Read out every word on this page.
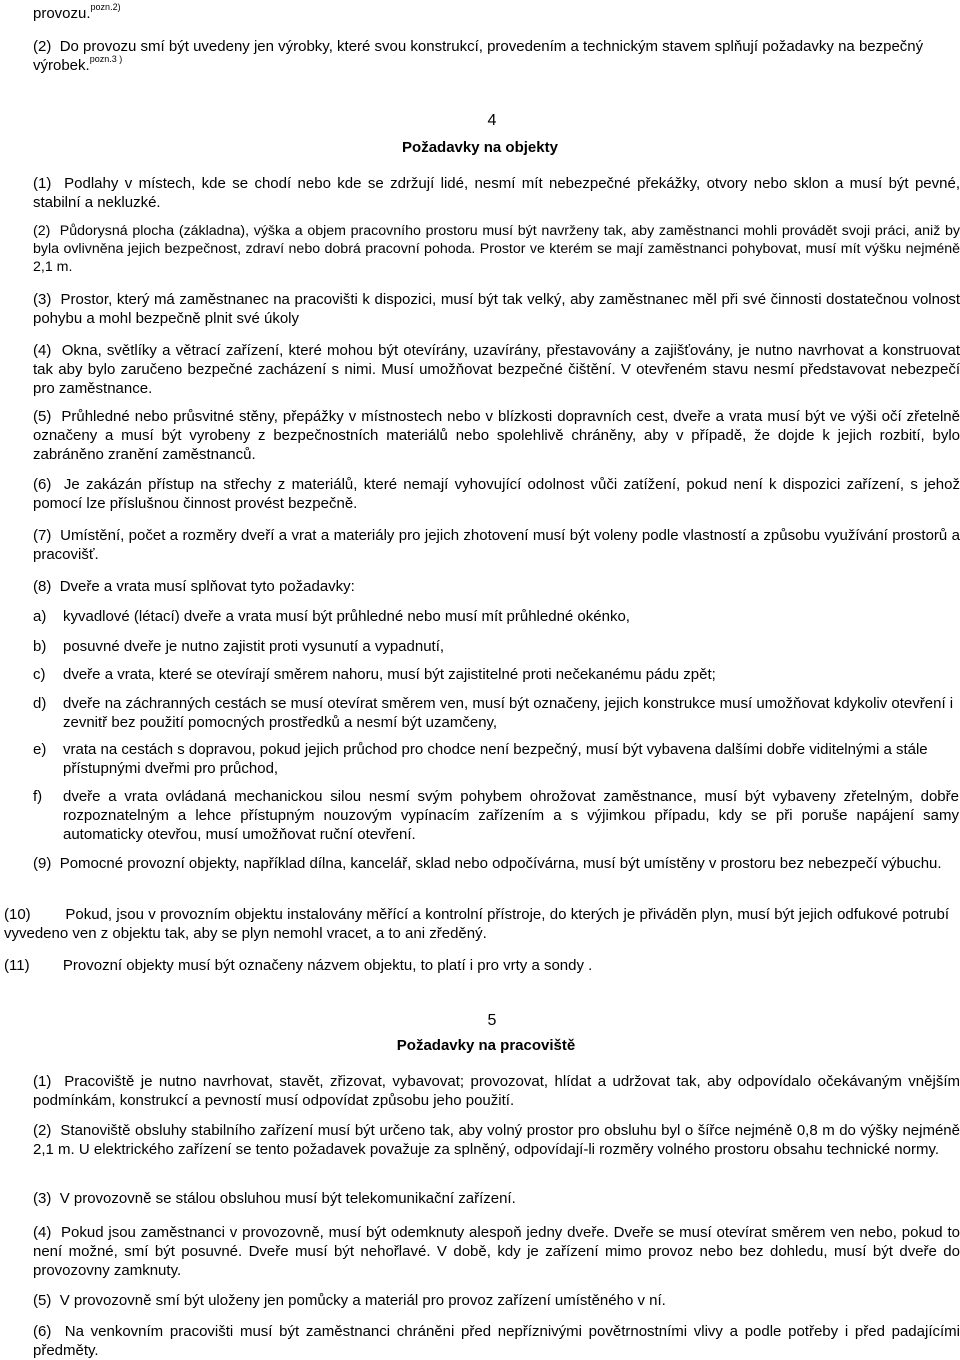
provozu.$^{pozn.2)}$
(2) Do provozu smí být uvedeny jen výrobky, které svou konstrukcí, provedením a technickým stavem splňují požadavky na bezpečný výrobek.$^{pozn.3 )}$
4
Požadavky na objekty
(1) Podlahy v místech, kde se chodí nebo kde se zdržují lidé, nesmí mít nebezpečné překážky, otvory nebo sklon a musí být pevné, stabilní a nekluzké.
(2) Půdorysná plocha (základna), výška a objem pracovního prostoru musí být navrženy tak, aby zaměstnanci mohli provádět svoji práci, aniž by byla ovlivněna jejich bezpečnost, zdraví nebo dobrá pracovní pohoda. Prostor ve kterém se mají zaměstnanci pohybovat, musí mít výšku nejméně 2,1 m.
(3) Prostor, který má zaměstnanec na pracovišti k dispozici, musí být tak velký, aby zaměstnanec měl při své činnosti dostatečnou volnost pohybu a mohl bezpečně plnit své úkoly
(4) Okna, světlíky a větrací zařízení, které mohou být otevírány, uzavírány, přestavovány a zajišťovány, je nutno navrhovat a konstruovat tak aby bylo zaručeno bezpečné zacházení s nimi. Musí umožňovat bezpečné čištění. V otevřeném stavu nesmí představovat nebezpečí pro zaměstnance.
(5) Průhledné nebo průsvitné stěny, přepážky v místnostech nebo v blízkosti dopravních cest, dveře a vrata musí být ve výši očí zřetelně označeny a musí být vyrobeny z bezpečnostních materiálů nebo spolehlivě chráněny, aby v případě, že dojde k jejich rozbití, bylo zabráněno zranění zaměstnanců.
(6) Je zakázán přístup na střechy z materiálů, které nemají vyhovující odolnost vůči zatížení, pokud není k dispozici zařízení, s jehož pomocí lze příslušnou činnost provést bezpečně.
(7) Umístění, počet a rozměry dveří a vrat a materiály pro jejich zhotovení musí být voleny podle vlastností a způsobu využívání prostorů a pracovišť.
(8) Dveře a vrata musí splňovat tyto požadavky:
a) kyvadlové (létací) dveře a vrata musí být průhledné nebo musí mít průhledné okénko,
b) posuvné dveře je nutno zajistit proti vysunutí a vypadnutí,
c) dveře a vrata, které se otevírají směrem nahoru, musí být zajistitelné proti nečekanému pádu zpět;
d) dveře na záchranných cestách se musí otevírat směrem ven, musí být označeny, jejich konstrukce musí umožňovat kdykoliv otevření i zevnitř bez použití pomocných prostředků a nesmí být uzamčeny,
e) vrata na cestách s dopravou, pokud jejich průchod pro chodce není bezpečný, musí být vybavena dalšími dobře viditelnými a stále přístupnými dveřmi pro průchod,
f) dveře a vrata ovládaná mechanickou silou nesmí svým pohybem ohrožovat zaměstnance, musí být vybaveny zřetelným, dobře rozpoznatelným a lehce přístupným nouzovým vypínacím zařízením a s výjimkou případu, kdy se při poruše napájení samy automaticky otevřou, musí umožňovat ruční otevření.
(9) Pomocné provozní objekty, například dílna, kancelář, sklad nebo odpočívárna, musí být umístěny v prostoru bez nebezpečí výbuchu.
(10) Pokud, jsou v provozním objektu instalovány měřící a kontrolní přístroje, do kterých je přiváděn plyn, musí být jejich odfukové potrubí vyvedeno ven z objektu tak, aby se plyn nemohl vracet, a to ani zředěný.
(11) Provozní objekty musí být označeny názvem objektu, to platí i pro vrty a sondy .
5
Požadavky na pracoviště
(1) Pracoviště je nutno navrhovat, stavět, zřizovat, vybavovat; provozovat, hlídat a udržovat tak, aby odpovídalo očekávaným vnějším podmínkám, konstrukcí a pevností musí odpovídat způsobu jeho použití.
(2) Stanoviště obsluhy stabilního zařízení musí být určeno tak, aby volný prostor pro obsluhu byl o šířce nejméně 0,8 m do výšky nejméně 2,1 m. U elektrického zařízení se tento požadavek považuje za splněný, odpovídají-li rozměry volného prostoru obsahu technické normy.
(3) V provozovně se stálou obsluhou musí být telekomunikační zařízení.
(4) Pokud jsou zaměstnanci v provozovně, musí být odemknuty alespoň jedny dveře. Dveře se musí otevírat směrem ven nebo, pokud to není možné, smí být posuvné. Dveře musí být nehořlavé. V době, kdy je zařízení mimo provoz nebo bez dohledu, musí být dveře do provozovny zamknuty.
(5) V provozovně smí být uloženy jen pomůcky a materiál pro provoz zařízení umístěného v ní.
(6) Na venkovním pracovišti musí být zaměstnanci chráněni před nepříznivými povětrnostními vlivy a podle potřeby i před padajícími předměty.
